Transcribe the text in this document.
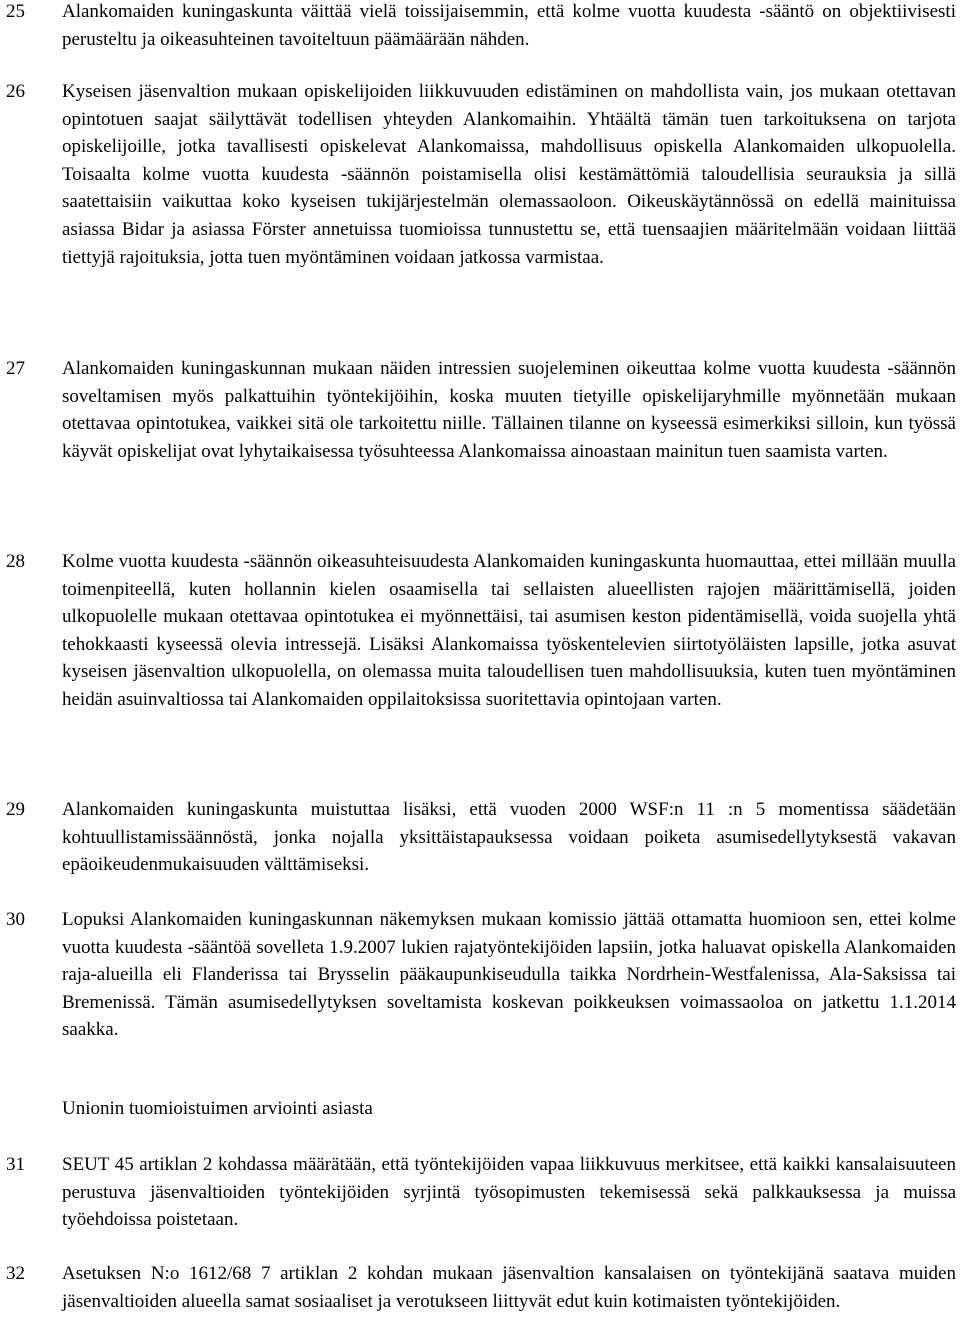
25 Alankomaiden kuningaskunta väittää vielä toissijaisemmin, että kolme vuotta kuudesta -sääntö on objektiivisesti perusteltu ja oikeasuhteinen tavoiteltuun päämäärään nähden.

26 Kyseisen jäsenvaltion mukaan opiskelijoiden liikkuvuuden edistäminen on mahdollista vain, jos mukaan otettavan opintotuen saajat säilyttävät todellisen yhteyden Alankomaihin. Yhtäältä tämän tuen tarkoituksena on tarjota opiskelijoille, jotka tavallisesti opiskelevat Alankomaissa, mahdollisuus opiskella Alankomaiden ulkopuolella. Toisaalta kolme vuotta kuudesta -säännön poistamisella olisi kestämättömiä taloudellisia seurauksia ja sillä saatettaisiin vaikuttaa koko kyseisen tukijärjestelmän olemassaoloon. Oikeuskäytännössä on edellä mainituissa asiassa Bidar ja asiassa Förster annetuissa tuomioissa tunnustettu se, että tuensaajien määritelmään voidaan liittää tiettyjä rajoituksia, jotta tuen myöntäminen voidaan jatkossa varmistaa.

27 Alankomaiden kuningaskunnan mukaan näiden intressien suojeleminen oikeuttaa kolme vuotta kuudesta -säännön soveltamisen myös palkattuihin työntekijöihin, koska muuten tietyille opiskelijaryhmille myönnetään mukaan otettavaa opintotukea, vaikkei sitä ole tarkoitettu niille. Tällainen tilanne on kyseessä esimerkiksi silloin, kun työssä käyvät opiskelijat ovat lyhytaikaisessa työsuhteessa Alankomaissa ainoastaan mainitun tuen saamista varten.

28 Kolme vuotta kuudesta -säännön oikeasuhteisuudesta Alankomaiden kuningaskunta huomauttaa, ettei millään muulla toimenpiteellä, kuten hollannin kielen osaamisella tai sellaisten alueellisten rajojen määrittämisellä, joiden ulkopuolelle mukaan otettavaa opintotukea ei myönnettäisi, tai asumisen keston pidentämisellä, voida suojella yhtä tehokkaasti kyseessä olevia intressejä. Lisäksi Alankomaissa työskentelevien siirtotyöläisten lapsille, jotka asuvat kyseisen jäsenvaltion ulkopuolella, on olemassa muita taloudellisen tuen mahdollisuuksia, kuten tuen myöntäminen heidän asuinvaltiossa tai Alankomaiden oppilaitoksissa suoritettavia opintojaan varten.

29 Alankomaiden kuningaskunta muistuttaa lisäksi, että vuoden 2000 WSF:n 11 :n 5 momentissa säädetään kohtuullistamissäännöstä, jonka nojalla yksittäistapauksessa voidaan poiketa asumisedellytyksestä vakavan epäoikeudenmukaisuuden välttämiseksi.

30 Lopuksi Alankomaiden kuningaskunnan näkemyksen mukaan komissio jättää ottamatta huomioon sen, ettei kolme vuotta kuudesta -sääntöä sovelleta 1.9.2007 lukien rajatyöntekijöiden lapsiin, jotka haluavat opiskella Alankomaiden raja-alueilla eli Flanderissa tai Brysselin pääkaupunkiseudulla taikka Nordrhein-Westfalenissa, Ala-Saksissa tai Bremenissä. Tämän asumisedellytyksen soveltamista koskevan poikkeuksen voimassaoloa on jatkettu 1.1.2014 saakka.

Unionin tuomioistuimen arviointi asiasta
31 SEUT 45 artiklan 2 kohdassa määrätään, että työntekijöiden vapaa liikkuvuus merkitsee, että kaikki kansalaisuuteen perustuva jäsenvaltioiden työntekijöiden syrjintä työsopimusten tekemisessä sekä palkkauksessa ja muissa työehdoissa poistetaan.

32 Asetuksen N:o 1612/68 7 artiklan 2 kohdan mukaan jäsenvaltion kansalaisen on työntekijänä saatava muiden jäsenvaltioiden alueella samat sosiaaliset ja verotukseen liittyvät edut kuin kotimaisten työntekijöiden.
